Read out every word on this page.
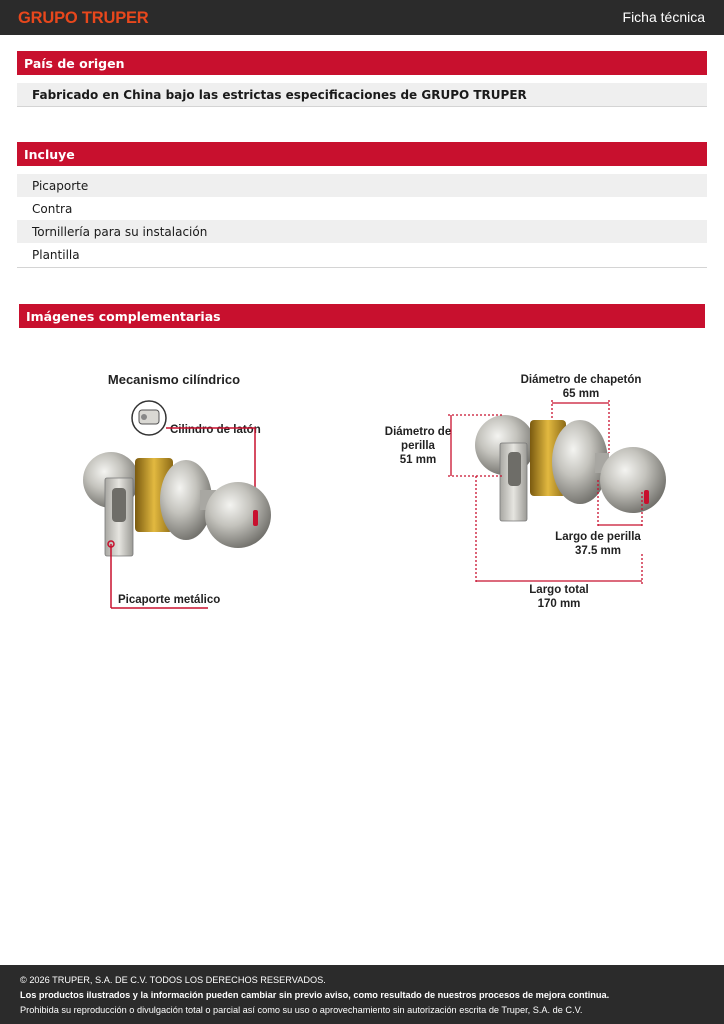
GRUPO TRUPER	Ficha técnica
País de origen
Fabricado en China bajo las estrictas especificaciones de GRUPO TRUPER
Incluye
Picaporte
Contra
Tornillería para su instalación
Plantilla
Imágenes complementarias
Mecanismo cilíndrico
Cilindro de latón
Picaporte metálico
Diámetro de chapetón
65 mm
Diámetro de
perilla
51 mm
Largo de perilla
37.5 mm
Largo total
170 mm
© 2026 TRUPER, S.A. DE C.V. TODOS LOS DERECHOS RESERVADOS.
Los productos ilustrados y la información pueden cambiar sin previo aviso, como resultado de nuestros procesos de mejora continua.
Prohibida su reproducción o divulgación total o parcial así como su uso o aprovechamiento sin autorización escrita de Truper, S.A. de C.V.
